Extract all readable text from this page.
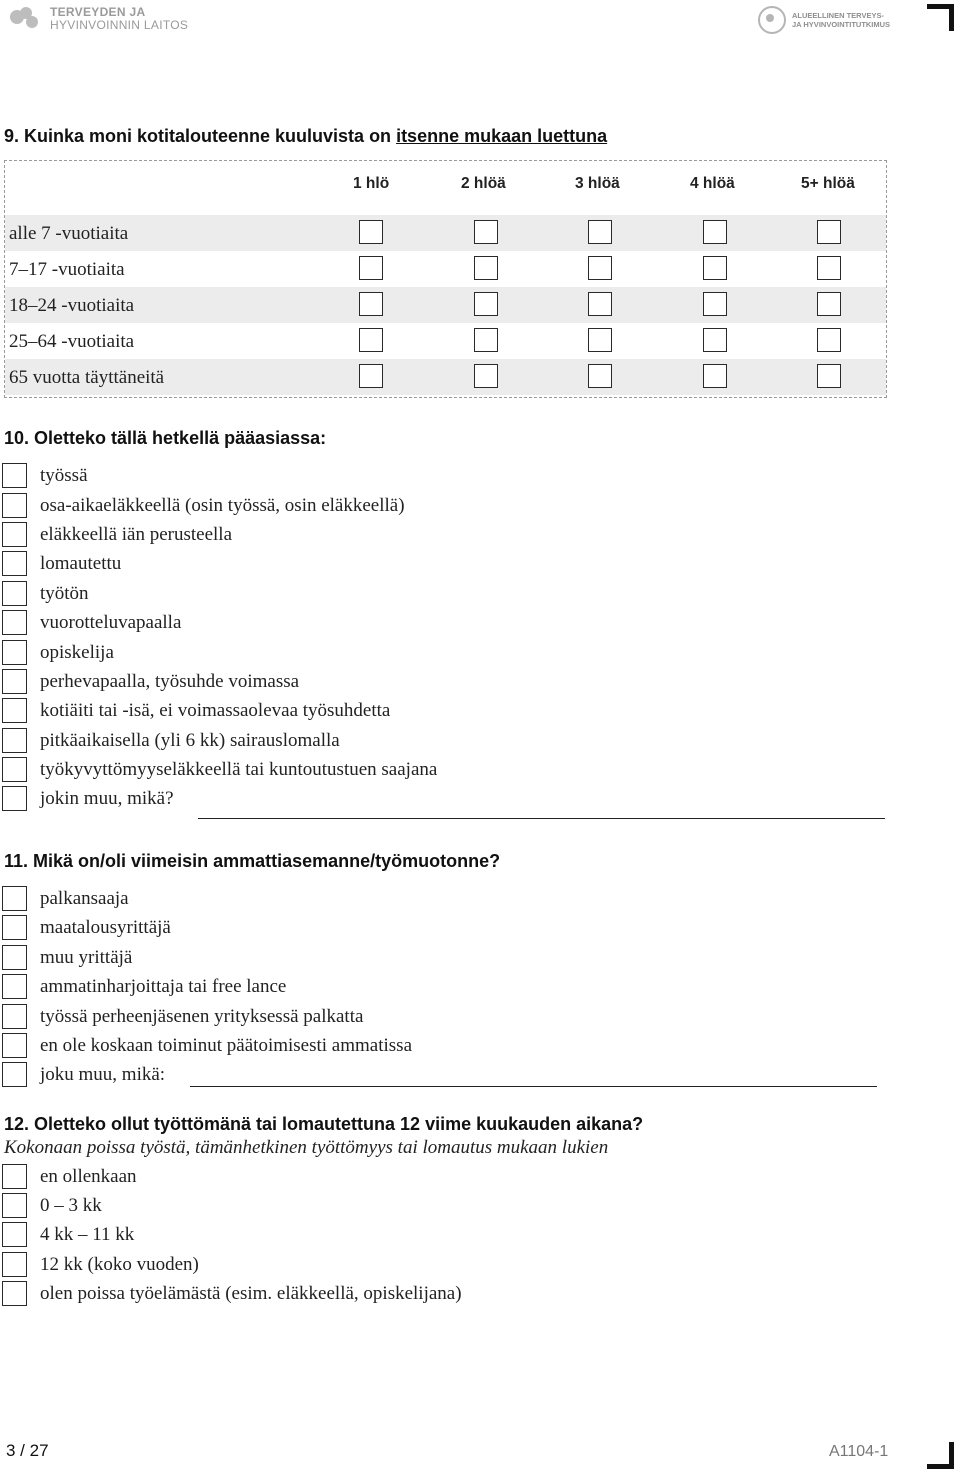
TERVEYDEN JA
HYVINVOINNIN LAITOS
ALUEELLINEN TERVEYS-
JA HYVINVOINTITUTKIMUS
9. Kuinka moni kotitalouteenne kuuluvista on itsenne mukaan luettuna
1 hlö	2 hlöä	3 hlöä	4 hlöä	5+ hlöä
alle 7 -vuotiaita
7–17 -vuotiaita
18–24 -vuotiaita
25–64 -vuotiaita
65 vuotta täyttäneitä
10. Oletteko tällä hetkellä pääasiassa:
työssä
osa-aikaeläkkeellä (osin työssä, osin eläkkeellä)
eläkkeellä iän perusteella
lomautettu
työtön
vuorotteluvapaalla
opiskelija
perhevapaalla, työsuhde voimassa
kotiäiti tai -isä, ei voimassaolevaa työsuhdetta
pitkäaikaisella (yli 6 kk) sairauslomalla
työkyvyttömyyseläkkeellä tai kuntoutustuen saajana
jokin muu, mikä?
11. Mikä on/oli viimeisin ammattiasemanne/työmuotonne?
palkansaaja
maatalousyrittäjä
muu yrittäjä
ammatinharjoittaja tai free lance
työssä perheenjäsenen yrityksessä palkatta
en ole koskaan toiminut päätoimisesti ammatissa
joku muu, mikä:
12. Oletteko ollut työttömänä tai lomautettuna 12 viime kuukauden aikana?
Kokonaan poissa työstä, tämänhetkinen työttömyys tai lomautus mukaan lukien
en ollenkaan
0 – 3 kk
4 kk – 11 kk
12 kk (koko vuoden)
olen poissa työelämästä (esim. eläkkeellä, opiskelijana)
3 / 27	A1104-1
